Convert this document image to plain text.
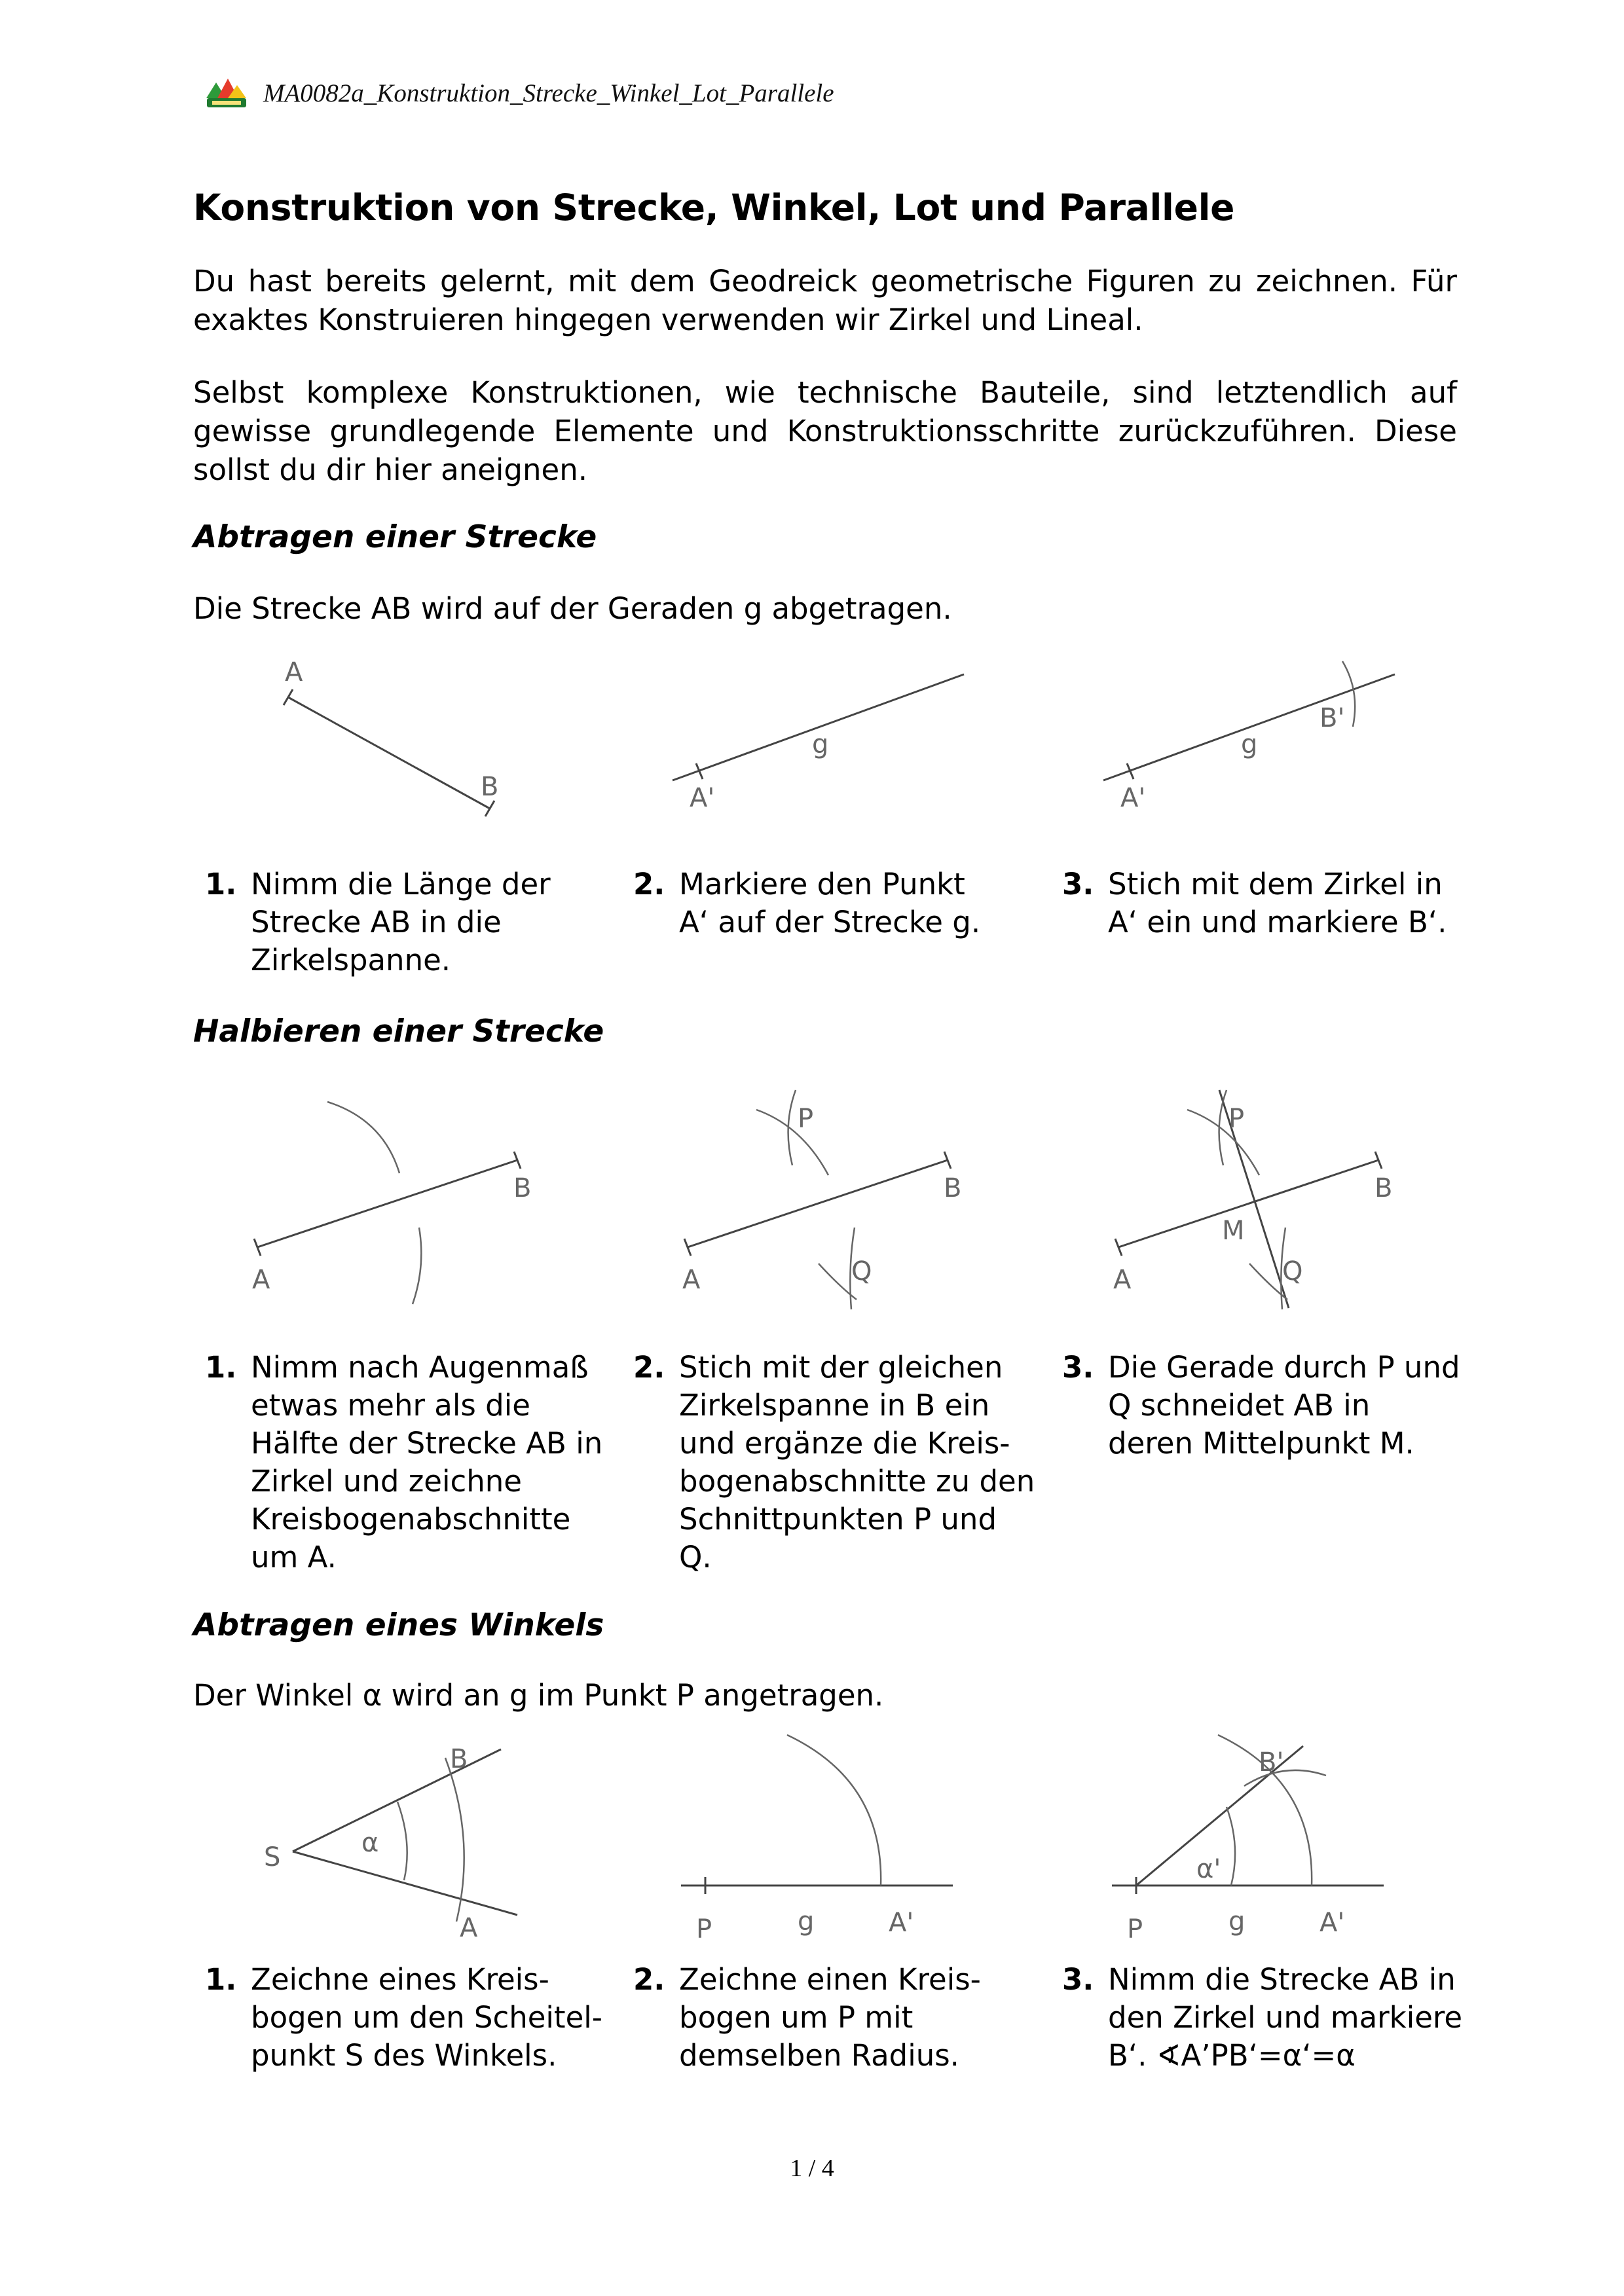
MA0082a_Konstruktion_Strecke_Winkel_Lot_Parallele
Konstruktion von Strecke, Winkel, Lot und Parallele
Du hast bereits gelernt, mit dem Geodreick geometrische Figuren zu zeichnen. Für exaktes Konstruieren hingegen verwenden wir Zirkel und Lineal.
Selbst komplexe Konstruktionen, wie technische Bauteile, sind letztendlich auf gewisse grundlegende Elemente und Konstruktionsschritte zurückzuführen. Diese sollst du dir hier aneignen.
Abtragen einer Strecke
Die Strecke AB wird auf der Geraden g abgetragen.
A
B
g
A'
g
A'
B'
1. Nimm die Länge der
Strecke AB in die
Zirkelspanne.
2. Markiere den Punkt
A‘ auf der Strecke g.
3. Stich mit dem Zirkel in
A‘ ein und markiere B‘.
Halbieren einer Strecke
B
A
P
B
A	Q
P
B
M
A	Q
1. Nimm nach Augenmaß
etwas mehr als die
Hälfte der Strecke AB in
Zirkel und zeichne
Kreisbogenabschnitte
um A.
2. Stich mit der gleichen
Zirkelspanne in B ein
und ergänze die Kreis-
bogenabschnitte zu den
Schnittpunkten P und
Q.
3. Die Gerade durch P und
Q schneidet AB in
deren Mittelpunkt M.
Abtragen eines Winkels
Der Winkel α wird an g im Punkt P angetragen.
B
S	α
A	P	g	A'
B'
α'
P	g	A'
1. Zeichne eines Kreis-
bogen um den Scheitel-
punkt S des Winkels.
2. Zeichne einen Kreis-
bogen um P mit
demselben Radius.
3. Nimm die Strecke AB in
den Zirkel und markiere
B‘. ∢A’PB‘=α‘=α
1 / 4
